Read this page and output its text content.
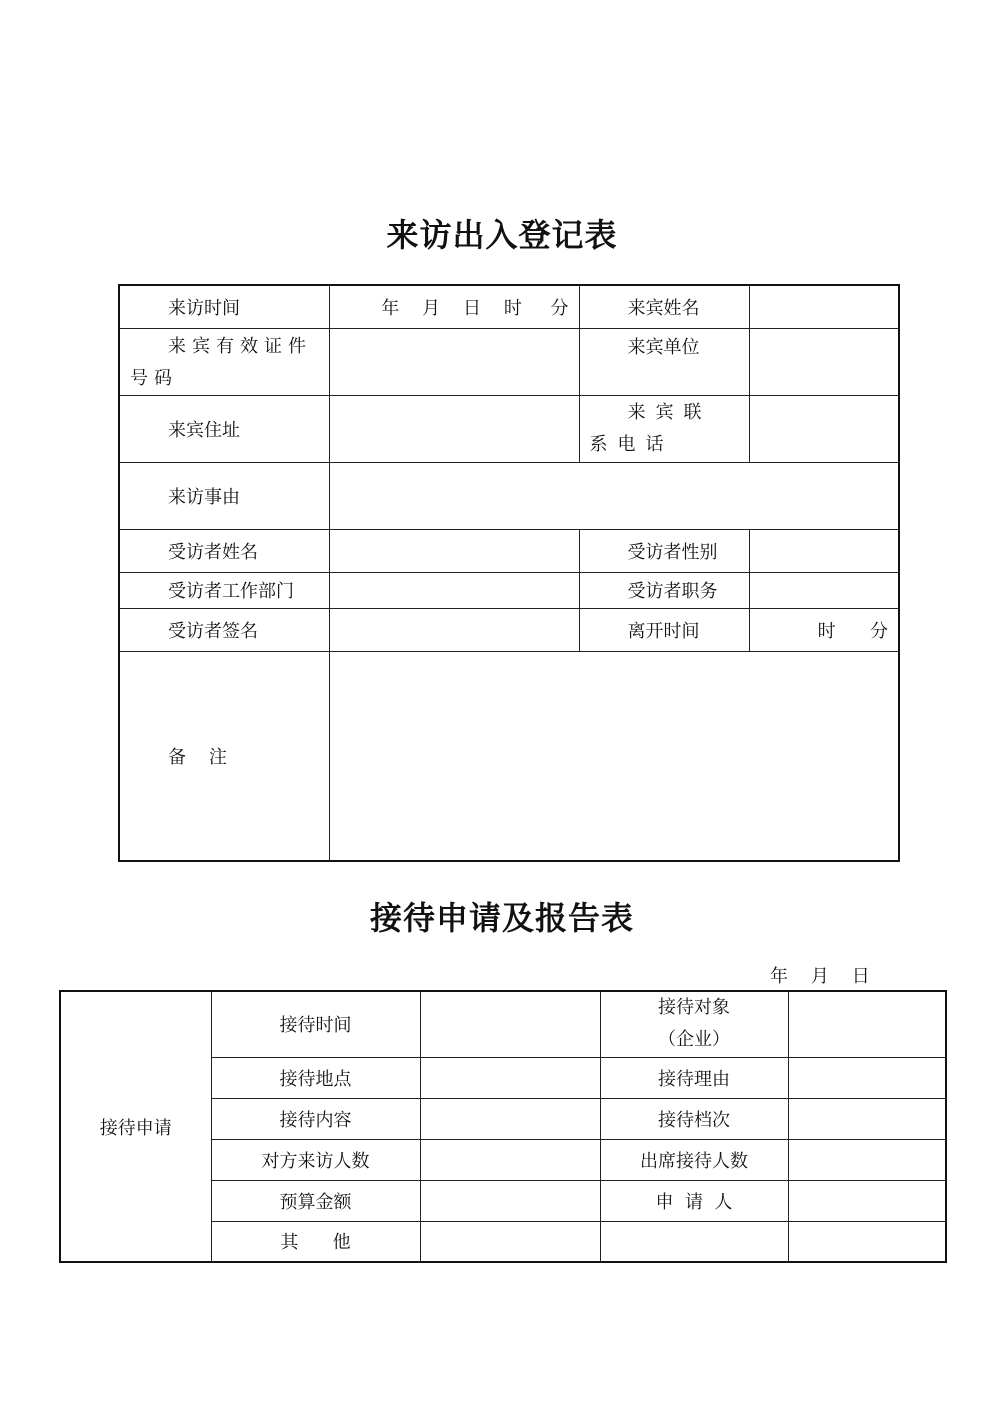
来访出入登记表
来访时间	年    月    日    时     分	来宾姓名	
来宾有效证件号码		来宾单位	
来宾住址		来宾联系电话	
来访事由			
受访者姓名		受访者性别	
受访者工作部门		受访者职务	
受访者签名		离开时间	时      分
备    注			
接待申请及报告表
年    月    日
接待申请	接待时间		接待对象
（企业）	

	接待地点		接待理由	
	接待内容		接待档次	
	对方来访人数		出席接待人数	
	预算金额		申  请  人	
	其      他			
